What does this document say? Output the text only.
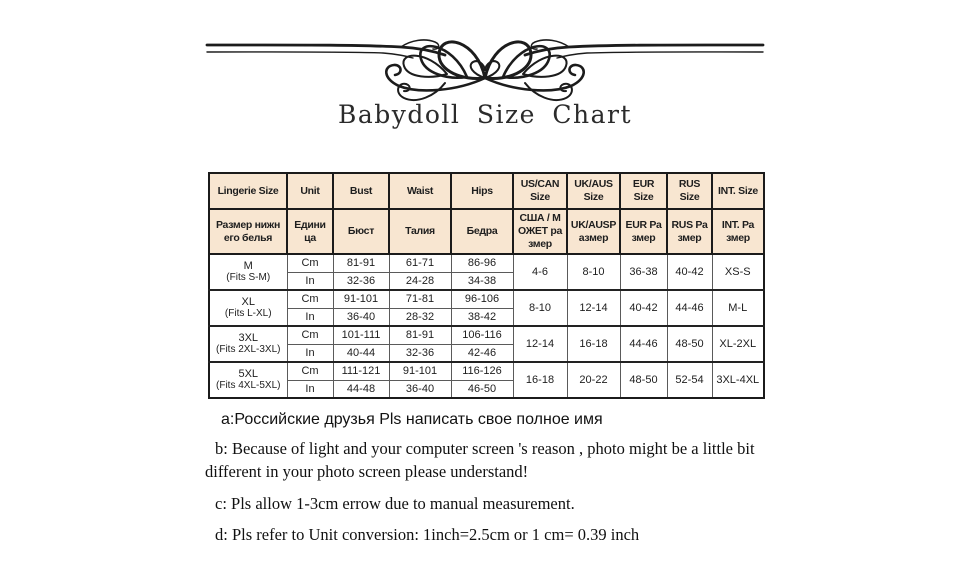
Babydoll Size Chart
Lingerie Size	Unit	Bust	Waist	Hips	US/CAN Size	UK/AUS Size	EUR Size	RUS Size	INT. Size
Размер нижн его белья	Едини ца	Бюст	Талия	Бедра	США / М ОЖЕТ ра змер	UK/AUSР азмер	EUR Ра змер	RUS Ра змер	INT. Ра змер

M
(Fits S-M)	Cm	81-91	61-71	86-96	4-6	8-10	36-38	40-42	XS-S
	In	32-36	24-28	34-38					

XL
(Fits L-XL)	Cm	91-101	71-81	96-106	8-10	12-14	40-42	44-46	M-L
	In	36-40	28-32	38-42					

3XL
(Fits 2XL-3XL)	Cm	101-111	81-91	106-116	12-14	16-18	44-46	48-50	XL-2XL
	In	40-44	32-36	42-46					

5XL
(Fits 4XL-5XL)	Cm	111-121	91-101	116-126	16-18	20-22	48-50	52-54	3XL-4XL
	In	44-48	36-40	46-50					
a:Российские друзья Pls написать свое полное имя
b: Because of light and your computer screen 's reason , photo might be a little bit different in your photo screen please understand!
c: Pls allow 1-3cm errow due to manual measurement.
d: Pls refer to Unit conversion: 1inch=2.5cm or 1 cm= 0.39 inch
